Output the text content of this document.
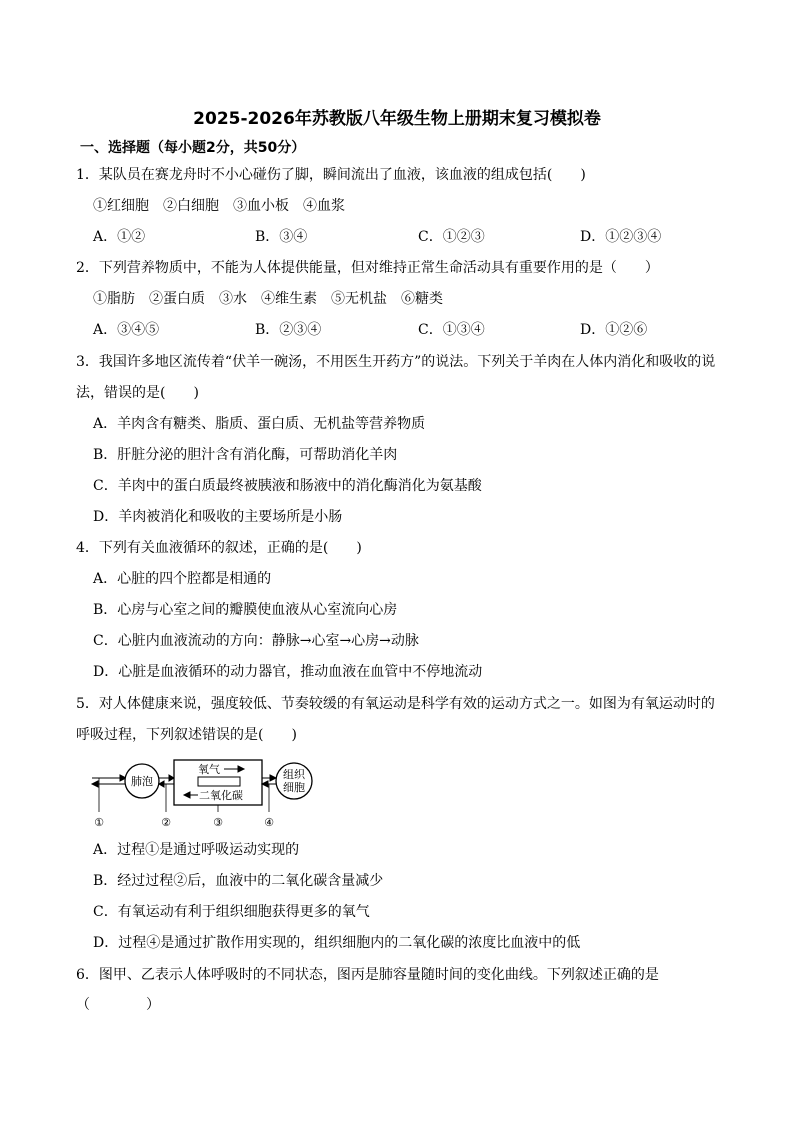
2025-2026年苏教版八年级生物上册期末复习模拟卷
一、选择题（每小题2分，共50分）
1．某队员在赛龙舟时不小心碰伤了脚，瞬间流出了血液，该血液的组成包括(　　)
①红细胞　②白细胞　③血小板　④血浆
A．①②	B．③④	C．①②③	D．①②③④
2．下列营养物质中，不能为人体提供能量，但对维持正常生命活动具有重要作用的是（　　）
①脂肪　②蛋白质　③水　④维生素　⑤无机盐　⑥糖类
A．③④⑤	B．②③④	C．①③④	D．①②⑥
3．我国许多地区流传着“伏羊一碗汤，不用医生开药方”的说法。下列关于羊肉在人体内消化和吸收的说
法，错误的是(　　)
A．羊肉含有糖类、脂质、蛋白质、无机盐等营养物质
B．肝脏分泌的胆汁含有消化酶，可帮助消化羊肉
C．羊肉中的蛋白质最终被胰液和肠液中的消化酶消化为氨基酸
D．羊肉被消化和吸收的主要场所是小肠
4．下列有关血液循环的叙述，正确的是(　　)
A．心脏的四个腔都是相通的
B．心房与心室之间的瓣膜使血液从心室流向心房
C．心脏内血液流动的方向：静脉→心室→心房→动脉
D．心脏是血液循环的动力器官，推动血液在血管中不停地流动
5．对人体健康来说，强度较低、节奏较缓的有氧运动是科学有效的运动方式之一。如图为有氧运动时的
呼吸过程，下列叙述错误的是(　　)
肺泡
氧气
二氧化碳
组织
细胞
①	②	③	④
A．过程①是通过呼吸运动实现的
B．经过过程②后，血液中的二氧化碳含量减少
C．有氧运动有利于组织细胞获得更多的氧气
D．过程④是通过扩散作用实现的，组织细胞内的二氧化碳的浓度比血液中的低
6．图甲、乙表示人体呼吸时的不同状态，图丙是肺容量随时间的变化曲线。下列叙述正确的是
（　　　　）
